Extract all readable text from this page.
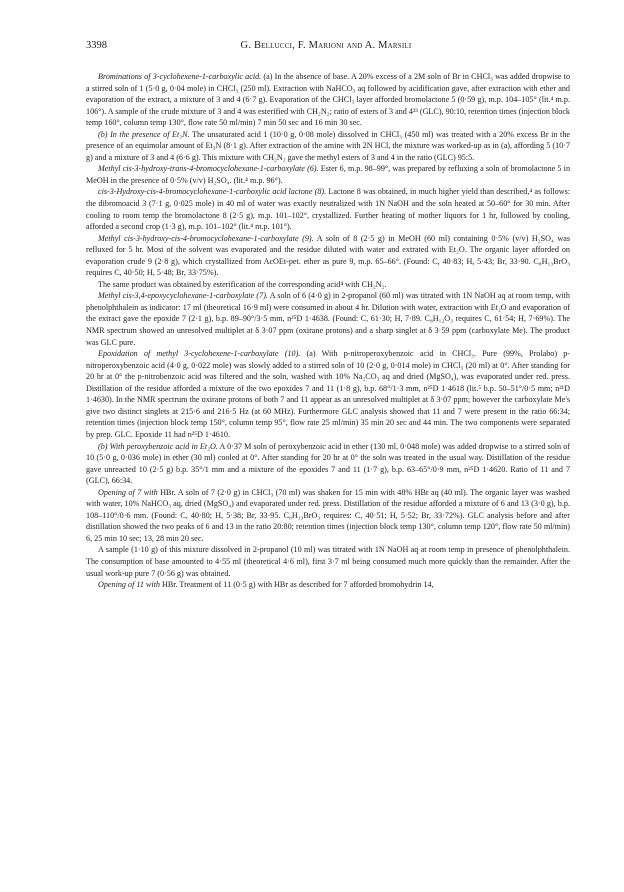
3398	G. Bellucci, F. Marioni and A. Marsili

Brominations of 3-cyclohexene-1-carboxylic acid. (a) In the absence of base. A 20% excess of a 2M soln of Br in CHCl₃ was added dropwise to a stirred soln of 1 (5·0 g, 0·04 mole) in CHCl₃ (250 ml). Extraction with NaHCO₃ aq followed by acidification gave, after extraction with ether and evaporation of the extract, a mixture of 3 and 4 (6·7 g). Evaporation of the CHCl₃ layer afforded bromolactone 5 (0·59 g), m.p. 104–105° (lit.⁴ m.p. 106°). A sample of the crude mixture of 3 and 4 was esterified with CH₂N₂; ratio of esters of 3 and 4²³ (GLC), 90:10, retention times (injection block temp 160°, column temp 130°, flow rate 50 ml/min) 7 min 50 sec and 16 min 30 sec.

(b) In the presence of Et₃N. The unsaturated acid 1 (10·0 g, 0·08 mole) dissolved in CHCl₃ (450 ml) was treated with a 20% excess Br in the presence of an equimolar amount of Et₃N (8·1 g). After extraction of the amine with 2N HCl, the mixture was worked-up as in (a), affording 5 (10·7 g) and a mixture of 3 and 4 (6·6 g). This mixture with CH₂N₂ gave the methyl esters of 3 and 4 in the ratio (GLC) 95:5.

Methyl cis-3-hydroxy-trans-4-bromocyclohexane-1-carboxylate (6). Ester 6, m.p. 98–99°, was prepared by refluxing a soln of bromolactone 5 in MeOH in the presence of 0·5% (v/v) H₂SO₄. (lit.⁴ m.p. 96°).

cis-3-Hydroxy-cis-4-bromocyclohexane-1-carboxylic acid lactone (8). Lactone 8 was obtained, in much higher yield than described,⁴ as follows: the dibromoacid 3 (7·1 g, 0·025 mole) in 40 ml of water was exactly neutralized with 1N NaOH and the soln heated at 50–60° for 30 min. After cooling to room temp the bromolactone 8 (2·5 g), m.p. 101–102°, crystallized. Further heating of mother liquors for 1 hr, followed by cooling, afforded a second crop (1·3 g), m.p. 101–102° (lit.⁴ m.p. 101°).

Methyl cis-3-hydroxy-cis-4-bromocyclohexane-1-carboxylate (9). A soln of 8 (2·5 g) in MeOH (60 ml) containing 0·5% (v/v) H₂SO₄ was refluxed for 5 hr. Most of the solvent was evaporated and the residue diluted with water and extrated with Et₂O. The organic layer afforded on evaporation crude 9 (2·8 g), which crystallized from AcOEt-pet. ether as pure 9, m.p. 65–66°. (Found: C, 40·83; H, 5·43; Br, 33·90. C₈H₁₃BrO₃ requires C, 40·50; H, 5·48; Br, 33·75%).

The same product was obtained by esterification of the corresponding acid⁴ with CH₂N₂.

Methyl cis-3,4-epoxycyclohexane-1-carboxylate (7). A soln of 6 (4·0 g) in 2-propanol (60 ml) was titrated with 1N NaOH aq at room temp, with phenolphthalein as indicator: 17 ml (theoretical 16·9 ml) were consumed in about 4 hr. Dilution with water, extraction with Et₂O and evaporation of the extract gave the epoxide 7 (2·1 g), b.p. 89–90°/3·5 mm, n²⁵D 1·4638. (Found: C, 61·30; H, 7·89. C₈H₁₂O₃ requires C, 61·54; H, 7·69%). The NMR spectrum showed an unresolved multiplet at δ 3·07 ppm (oxirane protons) and a sharp singlet at δ 3·59 ppm (carboxylate Me). The product was GLC pure.

Epoxidation of methyl 3-cyclohexene-1-carboxylate (10). (a) With p-nitroperoxybenzoic acid in CHCl₃. Pure (99%, Prolabo) p-nitroperoxybenzoic acid (4·0 g, 0·022 mole) was slowly added to a stirred soln of 10 (2·0 g, 0·014 mole) in CHCl₃ (20 ml) at 0°. After standing for 20 hr at 0° the p-nitrobenzoic acid was filtered and the soln, washed with 10% Na₂CO₃ aq and dried (MgSO₄), was evaporated under red. press. Distillation of the residue afforded a mixture of the two epoxides 7 and 11 (1·8 g), b.p. 68°/1·3 mm, n²⁵D 1·4618 (lit.⁵ b.p. 50–51°/0·5 mm; n²¹D 1·4630). In the NMR spectrum the oxirane protons of both 7 and 11 appear as an unresolved multiplet at δ 3·07 ppm; however the carboxylate Me's give two distinct singlets at 215·6 and 216·5 Hz (at 60 MHz). Furthermore GLC analysis showed that 11 and 7 were present in the ratio 66:34; retention times (injection block temp 150°, column temp 95°, flow rate 25 ml/min) 35 min 20 sec and 44 min. The two components were separated by prep. GLC. Epoxide 11 had n²⁵D 1·4610.

(b) With peroxybenzoic acid in Et₂O. A 0·37 M soln of peroxybenzoic acid in ether (130 ml, 0·048 mole) was added dropwise to a stirred soln of 10 (5·0 g, 0·036 mole) in ether (30 ml) cooled at 0°. After standing for 20 hr at 0° the soln was treated in the usual way. Distillation of the residue gave unreacted 10 (2·5 g) b.p. 35°/1 mm and a mixture of the epoxides 7 and 11 (1·7 g), b.p. 63–65°/0·9 mm, n²⁵D 1·4620. Ratio of 11 and 7 (GLC), 66:34.

Opening of 7 with HBr. A soln of 7 (2·0 g) in CHCl₃ (70 ml) was shaken for 15 min with 48% HBr aq (40 ml). The organic layer was washed with water, 10% NaHCO₃ aq, dried (MgSO₄) and evaporated under red. press. Distillation of the residue afforded a mixture of 6 and 13 (3·0 g), b.p. 108–110°/0·6 mm. (Found: C, 40·80; H, 5·38; Br, 33·95. C₈H₁₃BrO₃ requires: C, 40·51; H, 5·52; Br, 33·72%). GLC analysis before and after distillation showed the two peaks of 6 and 13 in the ratio 20:80; retention times (injection block temp 130°, column temp 120°, flow rate 50 ml/min) 6, 25 min 10 sec; 13, 28 min 20 sec.

A sample (1·10 g) of this mixture dissolved in 2-propanol (10 ml) was titrated with 1N NaOH aq at room temp in presence of phenolphthalein. The consumption of base amounted to 4·55 ml (theoretical 4·6 ml), first 3·7 ml being consumed much more quickly than the remainder. After the usual work-up pure 7 (0·56 g) was obtained.

Opening of 11 with HBr. Treatment of 11 (0·5 g) with HBr as described for 7 afforded bromohydrin 14,
